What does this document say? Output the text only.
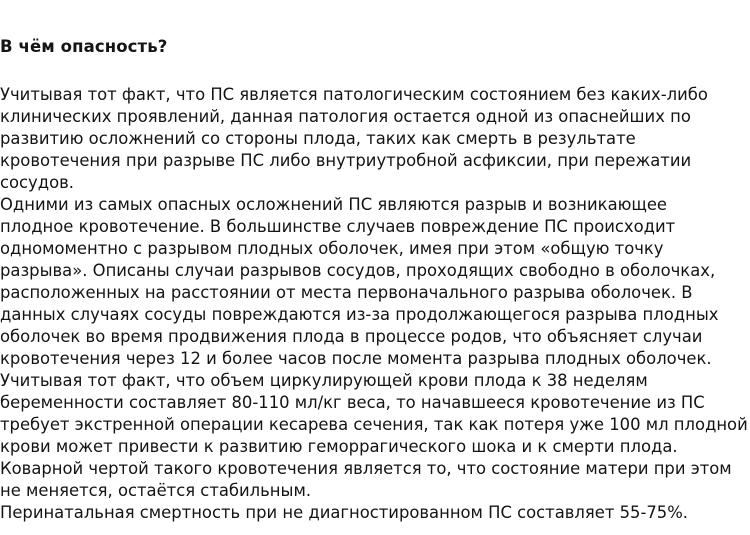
В чём опасность?
Учитывая тот факт, что ПС является патологическим состоянием без каких-либо
клинических проявлений, данная патология остается одной из опаснейших по
развитию осложнений со стороны плода, таких как смерть в результате
кровотечения при разрыве ПС либо внутриутробной асфиксии, при пережатии
сосудов.
Одними из самых опасных осложнений ПС являются разрыв и возникающее
плодное кровотечение. В большинстве случаев повреждение ПС происходит
одномоментно с разрывом плодных оболочек, имея при этом «общую точку
разрыва». Описаны случаи разрывов сосудов, проходящих свободно в оболочках,
расположенных на расстоянии от места первоначального разрыва оболочек. В
данных случаях сосуды повреждаются из-за продолжающегося разрыва плодных
оболочек во время продвижения плода в процессе родов, что объясняет случаи
кровотечения через 12 и более часов после момента разрыва плодных оболочек.
Учитывая тот факт, что объем циркулирующей крови плода к 38 неделям
беременности составляет 80-110 мл/кг веса, то начавшееся кровотечение из ПС
требует экстренной операции кесарева сечения, так как потеря уже 100 мл плодной
крови может привести к развитию геморрагического шока и к смерти плода.
Коварной чертой такого кровотечения является то, что состояние матери при этом
не меняется, остаётся стабильным.
Перинатальная смертность при не диагностированном ПС составляет 55-75%.
